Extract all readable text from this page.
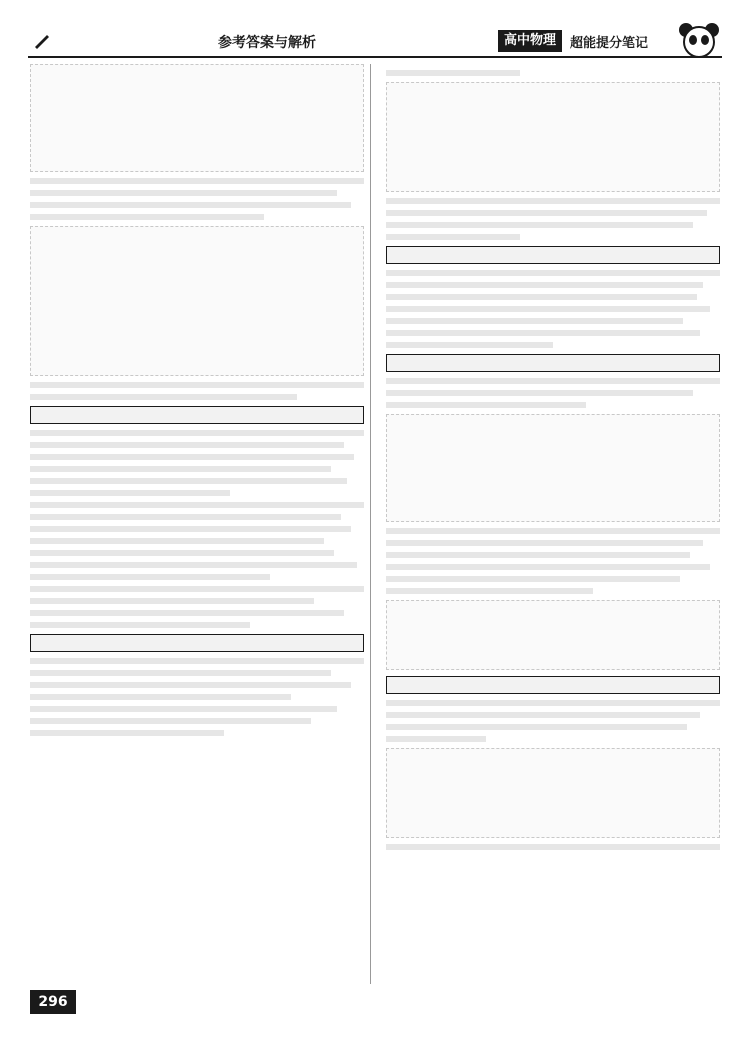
参考答案与解析	高中物理	超能提分笔记
296
